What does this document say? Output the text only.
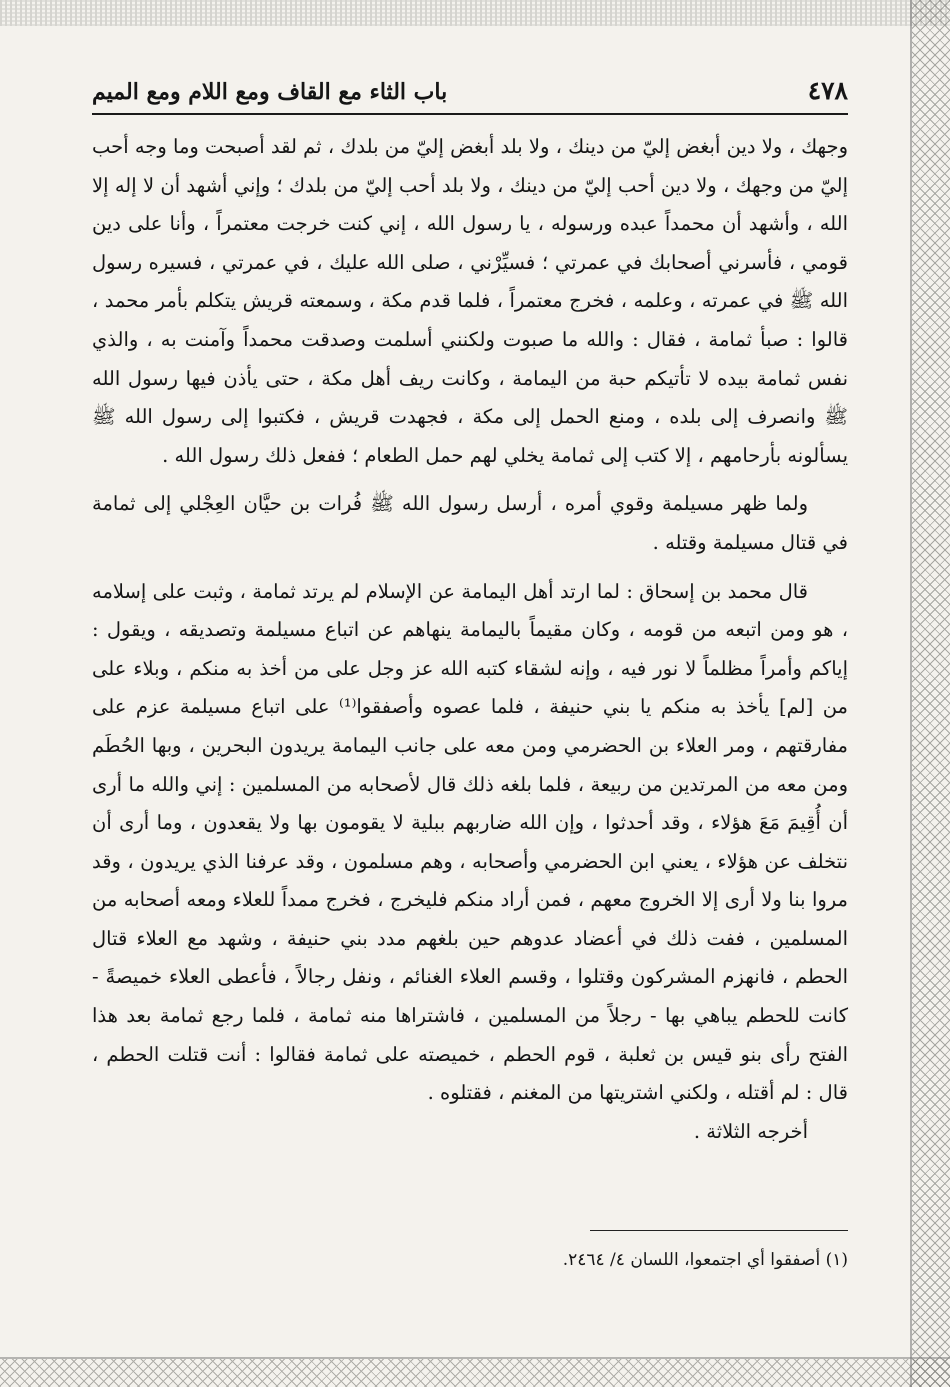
٤٧٨
باب الثاء مع القاف ومع اللام ومع الميم

وجهك ، ولا دين أبغض إليّ من دينك ، ولا بلد أبغض إليّ من بلدك ، ثم لقد أصبحت وما وجه أحب إليّ من وجهك ، ولا دين أحب إليّ من دينك ، ولا بلد أحب إليّ من بلدك ؛ وإني أشهد أن لا إله إلا الله ، وأشهد أن محمداً عبده ورسوله ، يا رسول الله ، إني كنت خرجت معتمراً ، وأنا على دين قومي ، فأسرني أصحابك في عمرتي ؛ فسيِّرْني ، صلى الله عليك ، في عمرتي ، فسيره رسول الله ﷺ في عمرته ، وعلمه ، فخرج معتمراً ، فلما قدم مكة ، وسمعته قريش يتكلم بأمر محمد ، قالوا : صبأ ثمامة ، فقال : والله ما صبوت ولكنني أسلمت وصدقت محمداً وآمنت به ، والذي نفس ثمامة بيده لا تأتيكم حبة من اليمامة ، وكانت ريف أهل مكة ، حتى يأذن فيها رسول الله ﷺ وانصرف إلى بلده ، ومنع الحمل إلى مكة ، فجهدت قريش ، فكتبوا إلى رسول الله ﷺ يسألونه بأرحامهم ، إلا كتب إلى ثمامة يخلي لهم حمل الطعام ؛ ففعل ذلك رسول الله .

ولما ظهر مسيلمة وقوي أمره ، أرسل رسول الله ﷺ فُرات بن حيَّان العِجْلي إلى ثمامة في قتال مسيلمة وقتله .

قال محمد بن إسحاق : لما ارتد أهل اليمامة عن الإسلام لم يرتد ثمامة ، وثبت على إسلامه ، هو ومن اتبعه من قومه ، وكان مقيماً باليمامة ينهاهم عن اتباع مسيلمة وتصديقه ، ويقول : إياكم وأمراً مظلماً لا نور فيه ، وإنه لشقاء كتبه الله عز وجل على من أخذ به منكم ، وبلاء على من [لم] يأخذ به منكم يا بني حنيفة ، فلما عصوه وأصفقوا⁽¹⁾ على اتباع مسيلمة عزم على مفارقتهم ، ومر العلاء بن الحضرمي ومن معه على جانب اليمامة يريدون البحرين ، وبها الحُطَم ومن معه من المرتدين من ربيعة ، فلما بلغه ذلك قال لأصحابه من المسلمين : إني والله ما أرى أن أُقِيمَ مَعَ هؤلاء ، وقد أحدثوا ، وإن الله ضاربهم ببلية لا يقومون بها ولا يقعدون ، وما أرى أن نتخلف عن هؤلاء ، يعني ابن الحضرمي وأصحابه ، وهم مسلمون ، وقد عرفنا الذي يريدون ، وقد مروا بنا ولا أرى إلا الخروج معهم ، فمن أراد منكم فليخرج ، فخرج ممداً للعلاء ومعه أصحابه من المسلمين ، ففت ذلك في أعضاد عدوهم حين بلغهم مدد بني حنيفة ، وشهد مع العلاء قتال الحطم ، فانهزم المشركون وقتلوا ، وقسم العلاء الغنائم ، ونفل رجالاً ، فأعطى العلاء خميصةً - كانت للحطم يباهي بها - رجلاً من المسلمين ، فاشتراها منه ثمامة ، فلما رجع ثمامة بعد هذا الفتح رأى بنو قيس بن ثعلبة ، قوم الحطم ، خميصته على ثمامة فقالوا : أنت قتلت الحطم ، قال : لم أقتله ، ولكني اشتريتها من المغنم ، فقتلوه .

أخرجه الثلاثة .

(١) أصفقوا أي اجتمعوا، اللسان ٤/ ٢٤٦٤.
